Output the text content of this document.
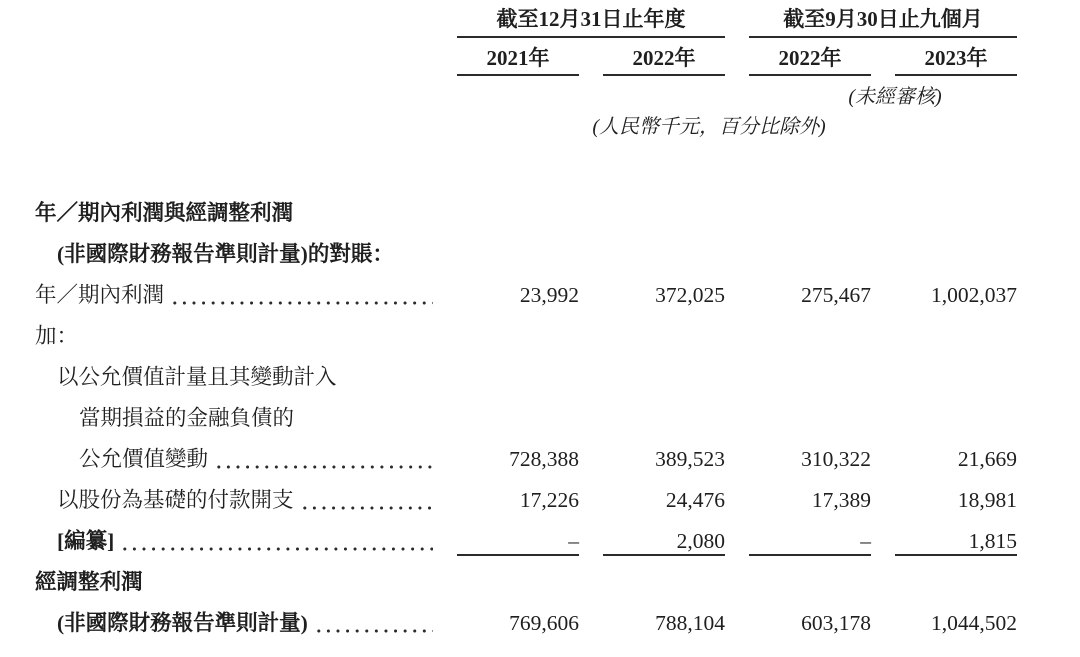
截至12月31日止年度	截至9月30日止九個月
2021年	2022年	2022年	2023年
(未經審核)
(人民幣千元，百分比除外)
年／期內利潤與經調整利潤
(非國際財務報告準則計量)的對賬：
年／期內利潤	23,992	372,025	275,467	1,002,037
加：
以公允價值計量且其變動計入
當期損益的金融負債的
公允價值變動	728,388	389,523	310,322	21,669
以股份為基礎的付款開支	17,226	24,476	17,389	18,981
[編纂]	–	2,080	–	1,815
經調整利潤
(非國際財務報告準則計量)	769,606	788,104	603,178	1,044,502
